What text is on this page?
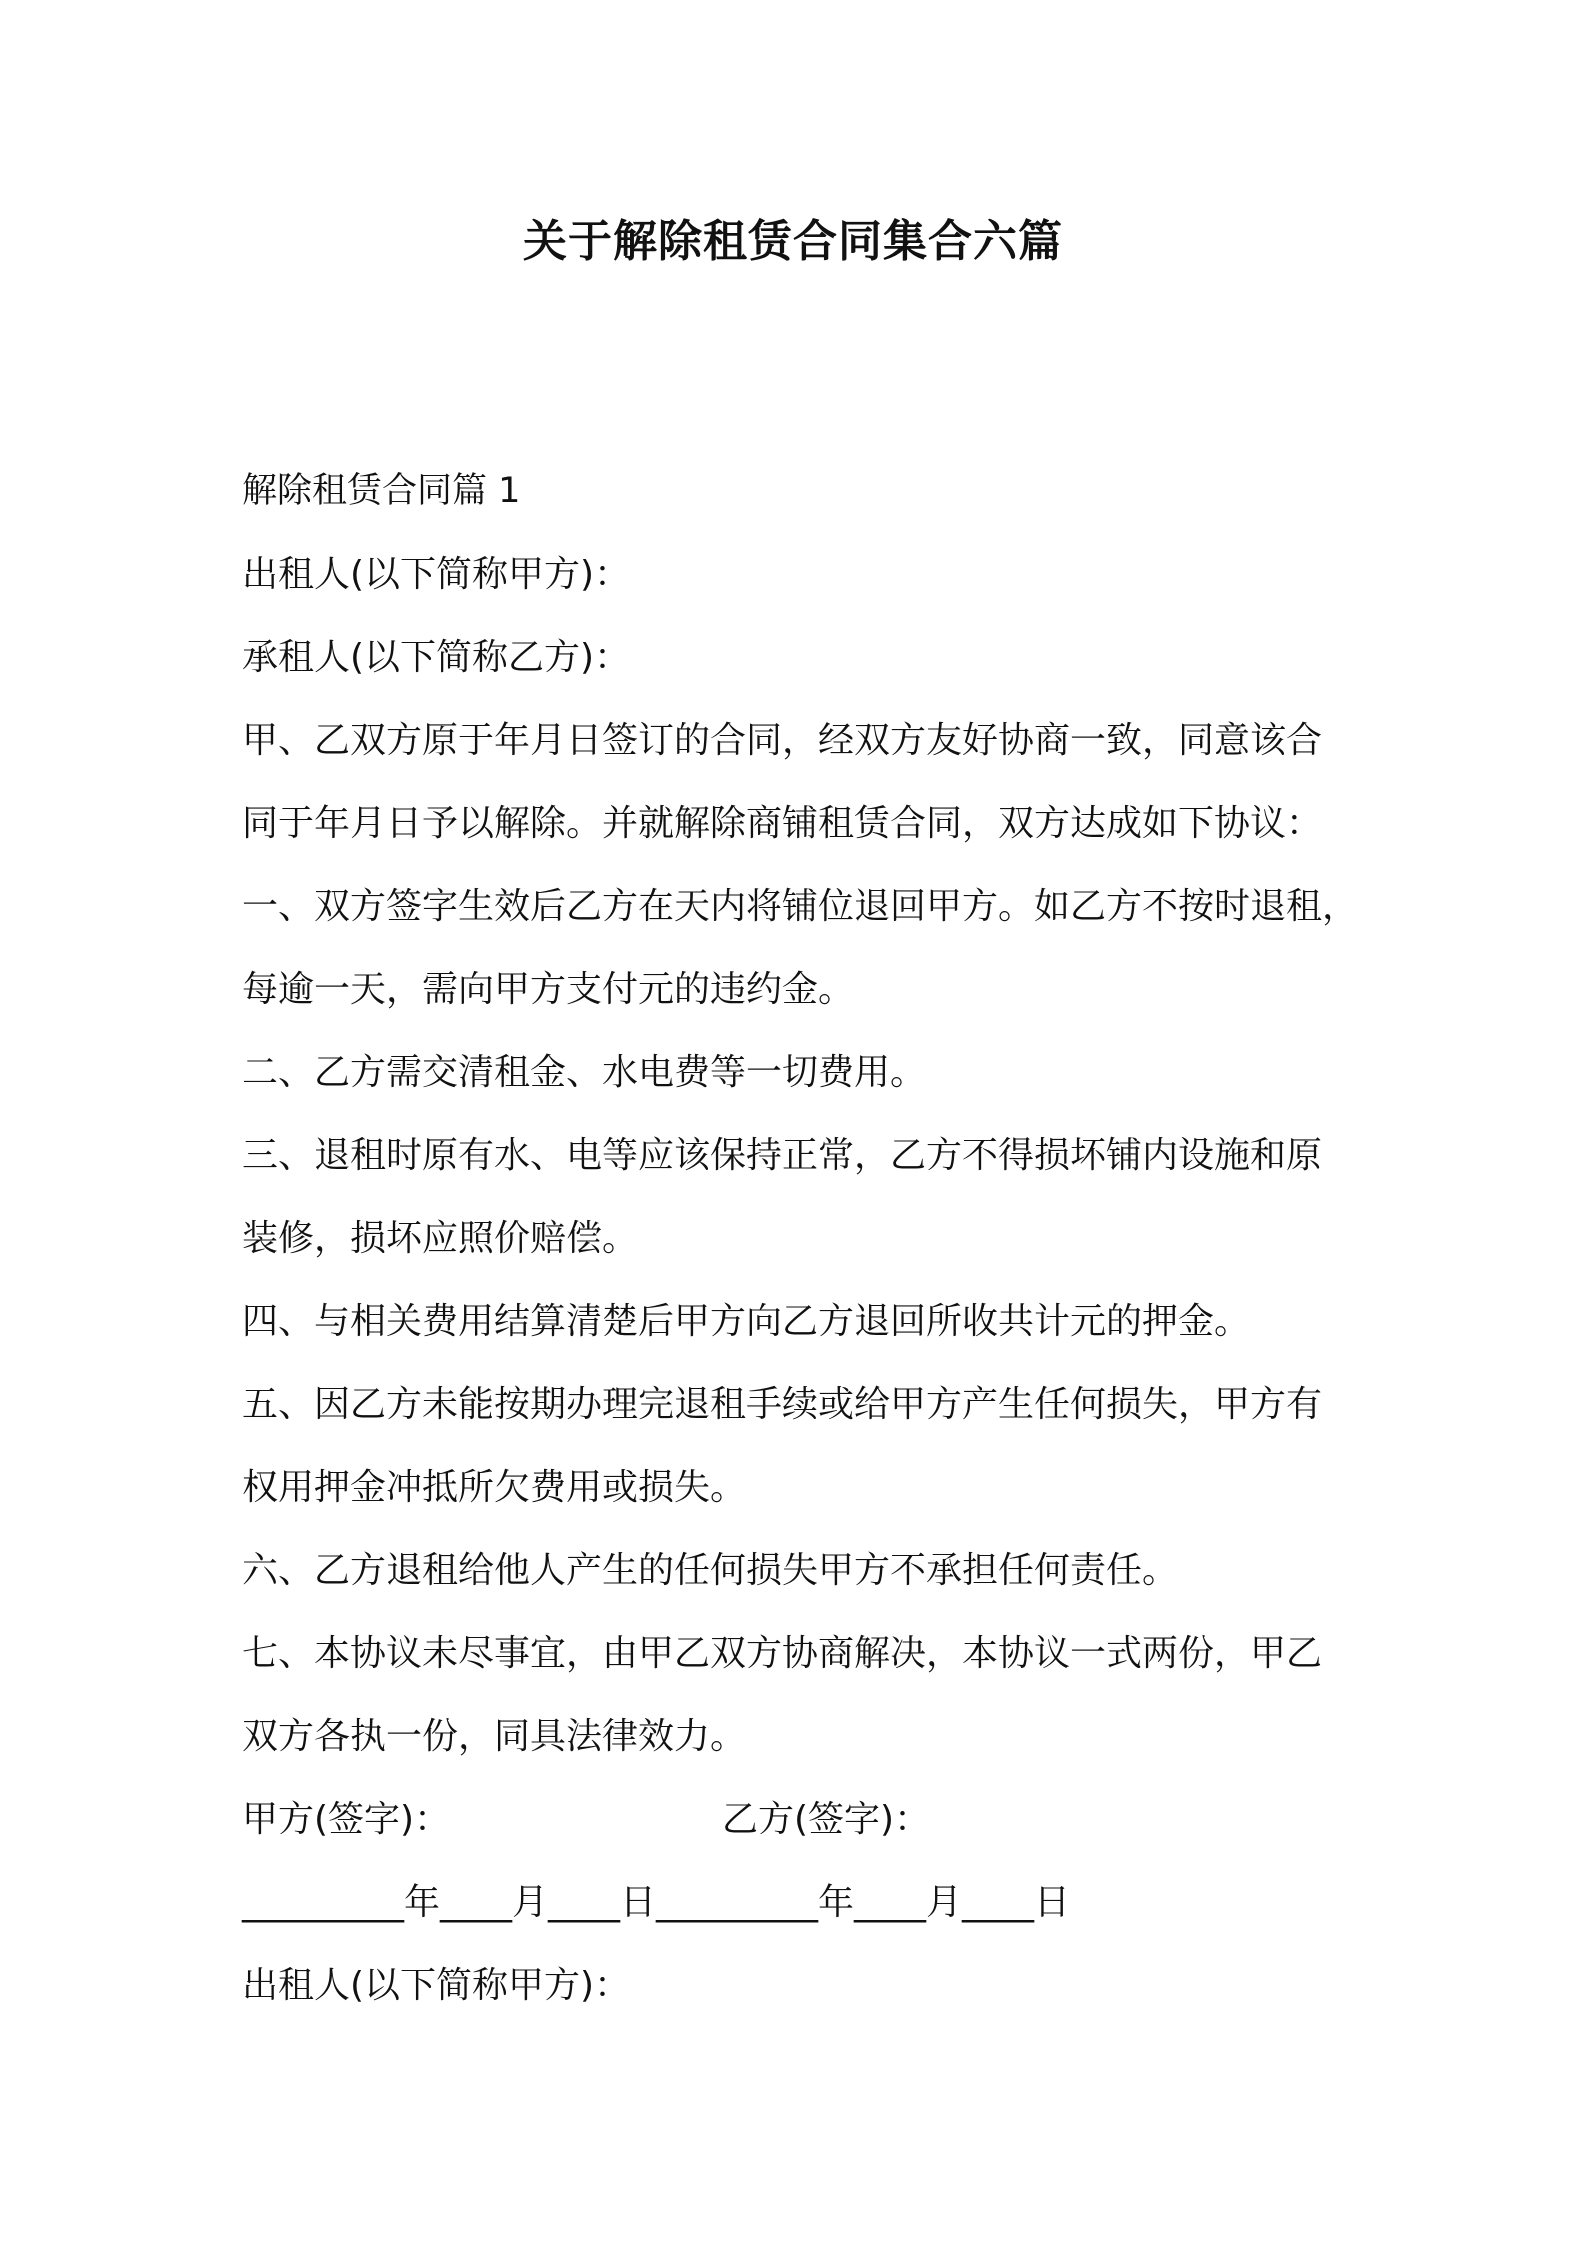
关于解除租赁合同集合六篇

解除租赁合同篇 1

出租人(以下简称甲方)：

承租人(以下简称乙方)：

甲、乙双方原于年月日签订的合同，经双方友好协商一致，同意该合

同于年月日予以解除。并就解除商铺租赁合同，双方达成如下协议：

一、双方签字生效后乙方在天内将铺位退回甲方。如乙方不按时退租，

每逾一天，需向甲方支付元的违约金。

二、乙方需交清租金、水电费等一切费用。

三、退租时原有水、电等应该保持正常，乙方不得损坏铺内设施和原

装修，损坏应照价赔偿。

四、与相关费用结算清楚后甲方向乙方退回所收共计元的押金。

五、因乙方未能按期办理完退租手续或给甲方产生任何损失，甲方有

权用押金冲抵所欠费用或损失。

六、乙方退租给他人产生的任何损失甲方不承担任何责任。

七、本协议未尽事宜，由甲乙双方协商解决，本协议一式两份，甲乙

双方各执一份，同具法律效力。

甲方(签字)：	乙方(签字)：

_________年____月____日_________年____月____日

出租人(以下简称甲方)：
